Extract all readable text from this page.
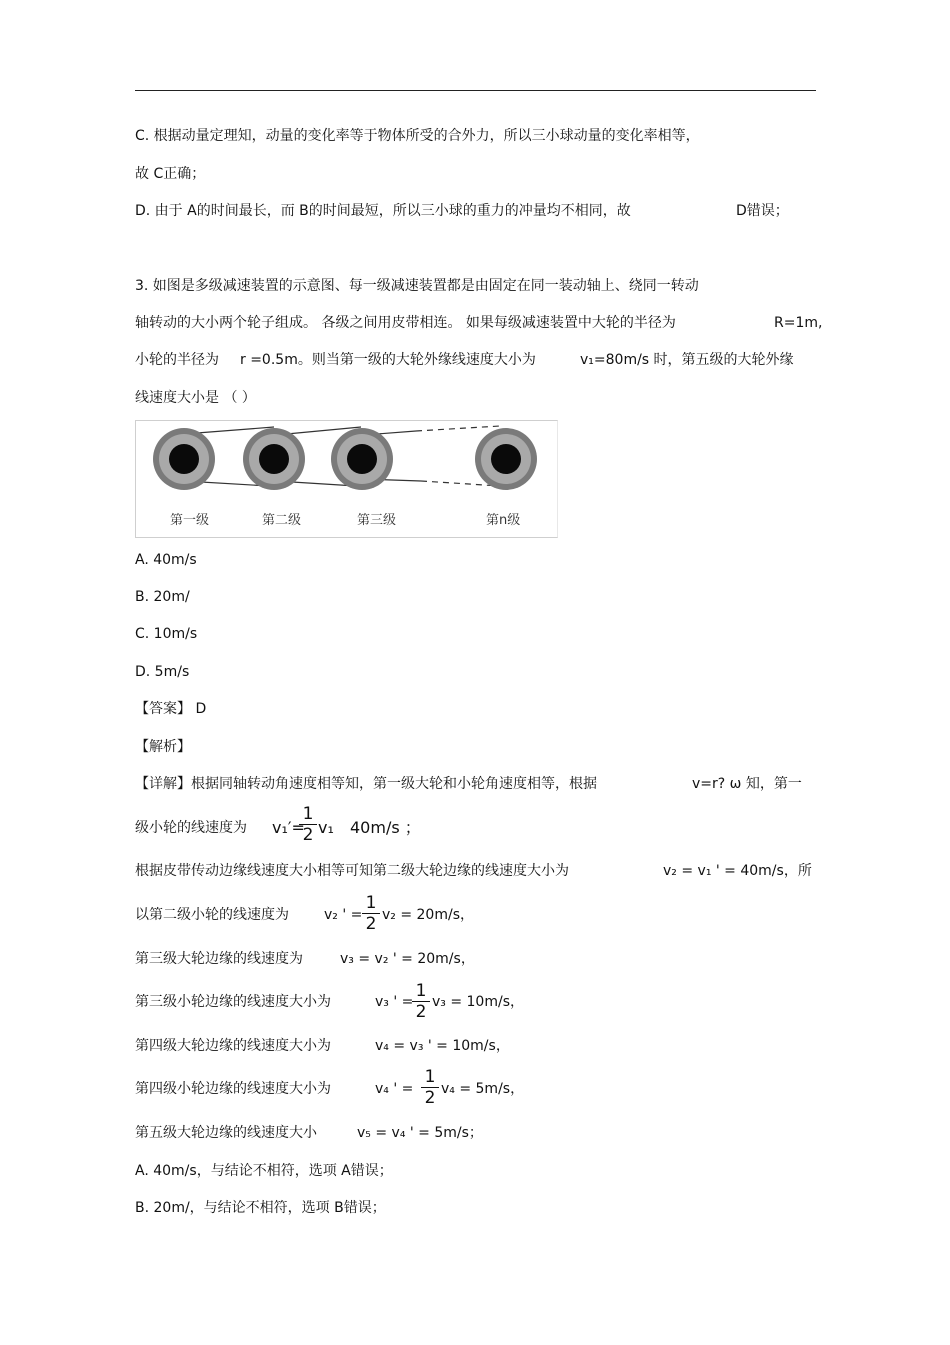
C. 根据动量定理知，动量的变化率等于物体所受的合外力，所以三小球动量的变化率相等，
故 C正确；
D. 由于 A的时间最长，而 B的时间最短，所以三小球的重力的冲量均不相同，故	D错误；
3. 如图是多级减速装置的示意图、每一级减速装置都是由固定在同一装动轴上、绕同一转动
轴转动的大小两个轮子组成。 各级之间用皮带相连。 如果每级减速装置中大轮的半径为	R=1m,
小轮的半径为 r =0.5m。则当第一级的大轮外缘线速度大小为	v₁=80m/s 时，第五级的大轮外缘
线速度大小是 （ ）
第一级	第二级	第三级	第n级
A. 40m/s
B. 20m/
C. 10m/s
D. 5m/s
【答案】 D
【解析】
【详解】根据同轴转动角速度相等知，第一级大轮和小轮角速度相等，根据	v=r? ω 知，第一
级小轮的线速度为 v₁′=
$\frac{1}{2} v_1$ 40m/s ；
根据皮带传动边缘线速度大小相等可知第二级大轮边缘的线速度大小为	v₂ = v₁ ' = 40m/s，所
以第二级小轮的线速度为	v₂ ' = $\frac{1}{2} v_2 = 20m/s$，
第三级大轮边缘的线速度为	v₃ = v₂ ' = 20m/s，
第三级小轮边缘的线速度大小为	v₃ ' =
$\frac{1}{2} v_3 = 10m/s$，
第四级大轮边缘的线速度大小为	v₄ = v₃ ' = 10m/s，
第四级小轮边缘的线速度大小为	v₄ ' = $\frac{1}{2} v_4 = 5m/s$，
第五级大轮边缘的线速度大小	v₅ = v₄ ' = 5m/s；
A. 40m/s，与结论不相符，选项 A错误；
B. 20m/，与结论不相符，选项 B错误；
